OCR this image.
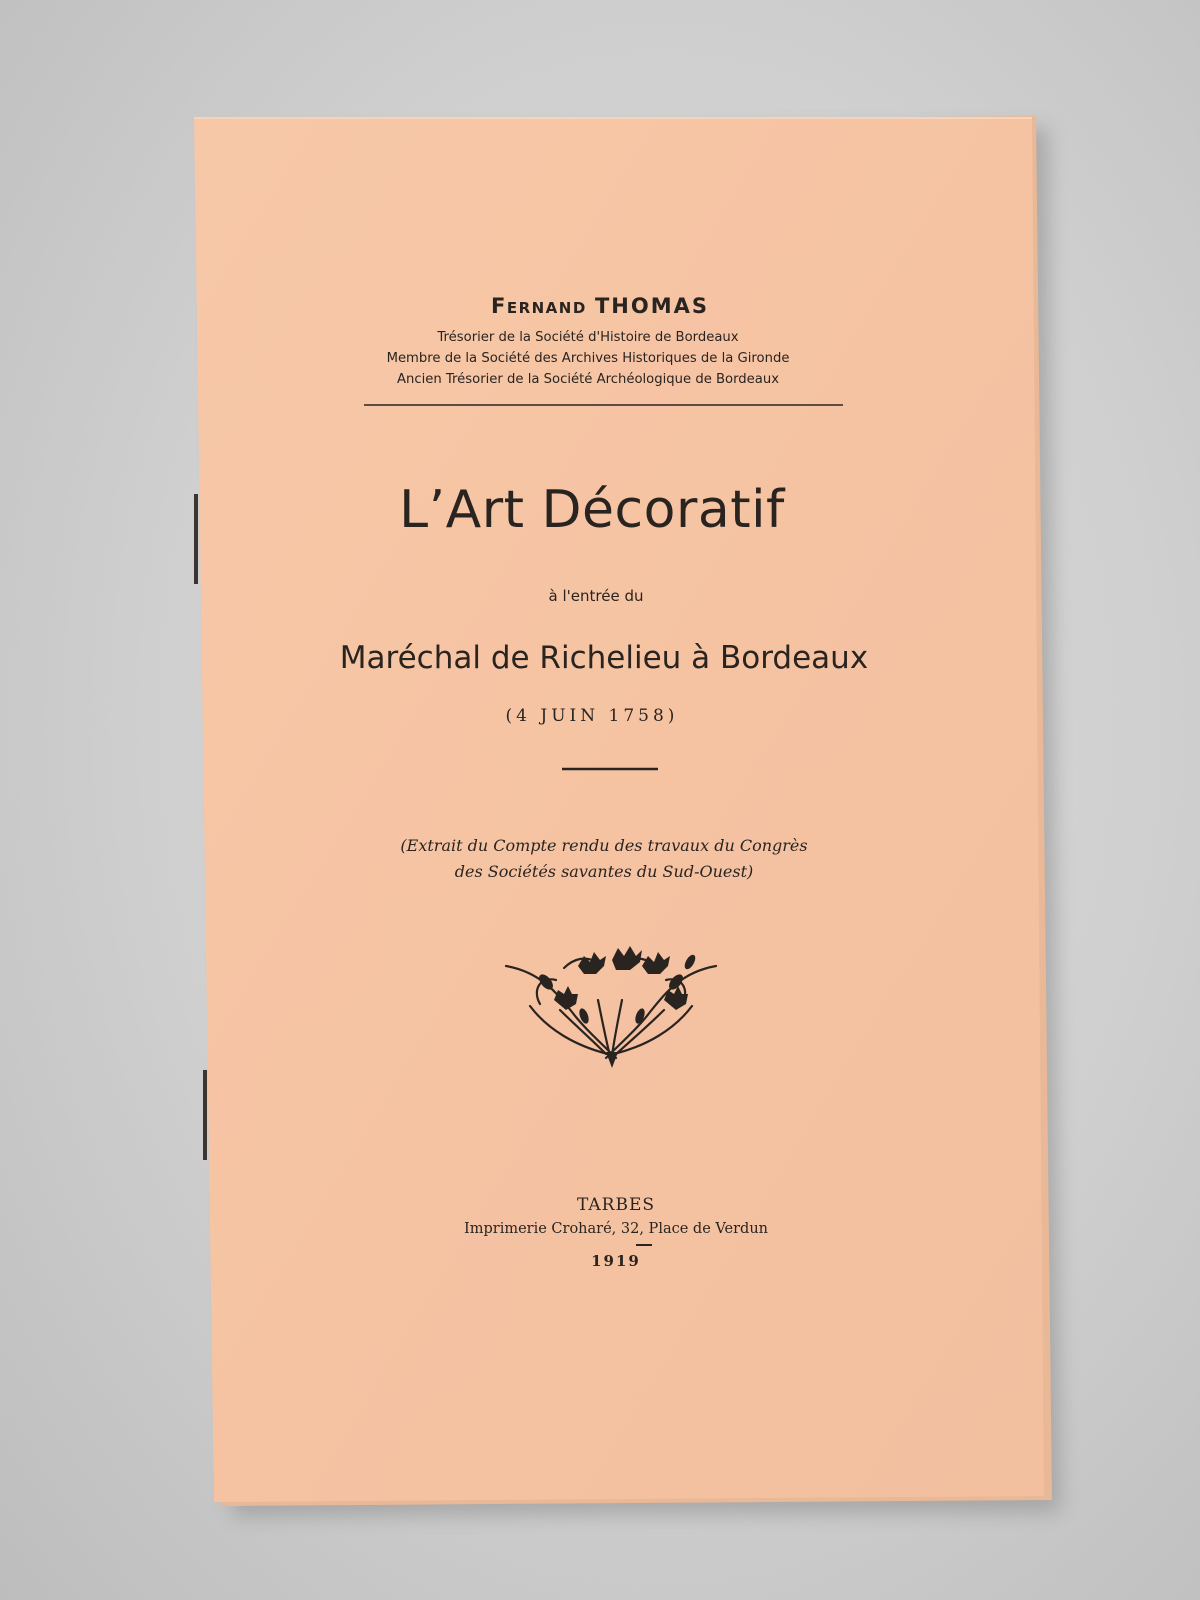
Fernand THOMAS
Trésorier de la Société d'Histoire de Bordeaux
Membre de la Société des Archives Historiques de la Gironde
Ancien Trésorier de la Société Archéologique de Bordeaux
L’Art Décoratif
à l'entrée du
Maréchal de Richelieu à Bordeaux
(4 JUIN 1758)
(Extrait du Compte rendu des travaux du Congrès
des Sociétés savantes du Sud-Ouest)
TARBES
Imprimerie Croharé, 32, Place de Verdun
1919
